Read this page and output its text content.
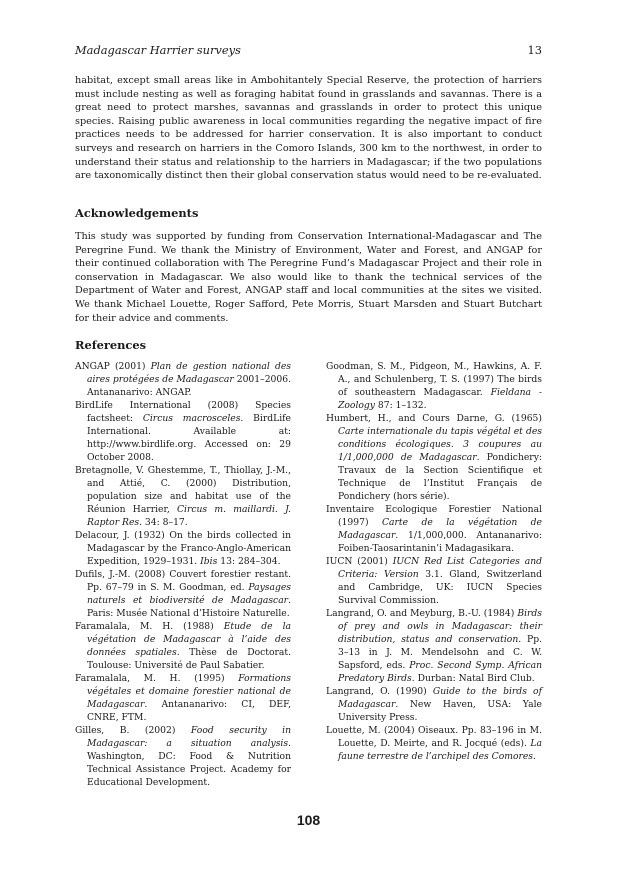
Madagascar Harrier surveys	13

habitat, except small areas like in Ambohitantely Special Reserve, the protection of harriers must include nesting as well as foraging habitat found in grasslands and savannas. There is a great need to protect marshes, savannas and grasslands in order to protect this unique species. Raising public awareness in local communities regarding the negative impact of fire practices needs to be addressed for harrier conservation. It is also important to conduct surveys and research on harriers in the Comoro Islands, 300 km to the northwest, in order to understand their status and relationship to the harriers in Madagascar; if the two populations are taxonomically distinct then their global conservation status would need to be re-evaluated.

Acknowledgements

This study was supported by funding from Conservation International-Madagascar and The Peregrine Fund. We thank the Ministry of Environment, Water and Forest, and ANGAP for their continued collaboration with The Peregrine Fund’s Madagascar Project and their role in conservation in Madagascar. We also would like to thank the technical services of the Department of Water and Forest, ANGAP staff and local communities at the sites we visited. We thank Michael Louette, Roger Safford, Pete Morris, Stuart Marsden and Stuart Butchart for their advice and comments.

References

ANGAP (2001) Plan de gestion national des aires protégées de Madagascar 2001–2006. Antananarivo: ANGAP.

BirdLife International (2008) Species factsheet: Circus macrosceles. BirdLife International. Available at: http://www.birdlife.org. Accessed on: 29 October 2008.

Bretagnolle, V. Ghestemme, T., Thiollay, J.-M., and Attié, C. (2000) Distribution, population size and habitat use of the Réunion Harrier, Circus m. maillardi. J. Raptor Res. 34: 8–17.

Delacour, J. (1932) On the birds collected in Madagascar by the Franco-Anglo-American Expedition, 1929–1931. Ibis 13: 284–304.

Dufils, J.-M. (2008) Couvert forestier restant. Pp. 67–79 in S. M. Goodman, ed. Paysages naturels et biodiversité de Madagascar. Paris: Musée National d’Histoire Naturelle.

Faramalala, M. H. (1988) Etude de la végétation de Madagascar à l’aide des données spatiales. Thèse de Doctorat. Toulouse: Université de Paul Sabatier.

Faramalala, M. H. (1995) Formations végétales et domaine forestier national de Madagascar. Antananarivo: CI, DEF, CNRE, FTM.

Gilles, B. (2002) Food security in Madagascar: a situation analysis. Washington, DC: Food & Nutrition Technical Assistance Project. Academy for Educational Development.

Goodman, S. M., Pidgeon, M., Hawkins, A. F. A., and Schulenberg, T. S. (1997) The birds of southeastern Madagascar. Fieldana - Zoology 87: 1–132.

Humbert, H., and Cours Darne, G. (1965) Carte internationale du tapis végétal et des conditions écologiques. 3 coupures au 1/1,000,000 de Madagascar. Pondichery: Travaux de la Section Scientifique et Technique de l’Institut Français de Pondichery (hors série).

Inventaire Ecologique Forestier National (1997) Carte de la végétation de Madagascar. 1/1,000,000. Antananarivo: Foiben-Taosarintanin’i Madagasikara.

IUCN (2001) IUCN Red List Categories and Criteria: Version 3.1. Gland, Switzerland and Cambridge, UK: IUCN Species Survival Commission.

Langrand, O. and Meyburg, B.-U. (1984) Birds of prey and owls in Madagascar: their distribution, status and conservation. Pp. 3–13 in J. M. Mendelsohn and C. W. Sapsford, eds. Proc. Second Symp. African Predatory Birds. Durban: Natal Bird Club.

Langrand, O. (1990) Guide to the birds of Madagascar. New Haven, USA: Yale University Press.

Louette, M. (2004) Oiseaux. Pp. 83–196 in M. Louette, D. Meirte, and R. Jocqué (eds). La faune terrestre de l’archipel des Comores.

108
